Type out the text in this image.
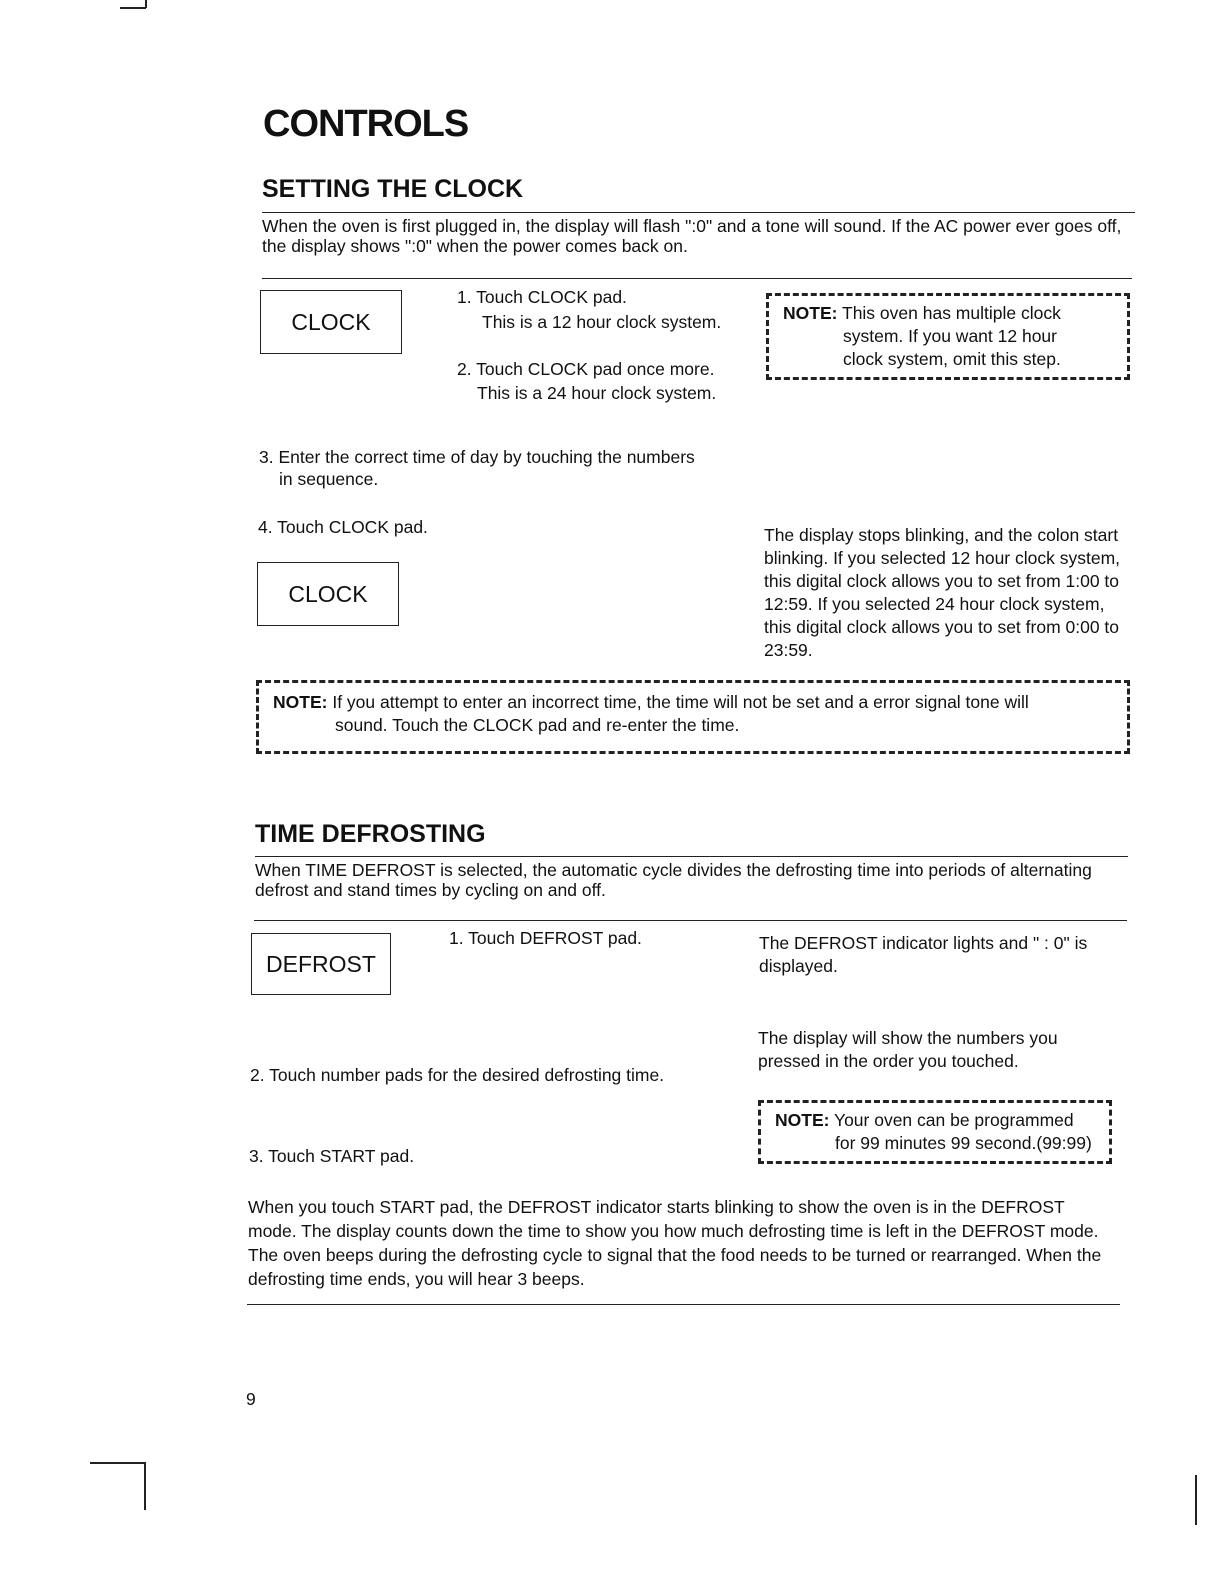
CONTROLS
SETTING THE CLOCK
When the oven is first plugged in, the display will flash ":0" and a tone will sound. If the AC power ever goes off, the display shows ":0" when the power comes back on.
CLOCK
1. Touch CLOCK pad.
This is a 12 hour clock system.
2. Touch CLOCK pad once more.
This is a 24 hour clock system.
NOTE: This oven has multiple clock
system. If you want 12 hour
clock system, omit this step.
3. Enter the correct time of day by touching the numbers
in sequence.
4. Touch CLOCK pad.
CLOCK
The display stops blinking, and the colon start blinking. If you selected 12 hour clock system, this digital clock allows you to set from 1:00 to 12:59. If you selected 24 hour clock system, this digital clock allows you to set from 0:00 to 23:59.
NOTE: If you attempt to enter an incorrect time, the time will not be set and a error signal tone will
sound. Touch the CLOCK pad and re-enter the time.
TIME DEFROSTING
When TIME DEFROST is selected, the automatic cycle divides the defrosting time into periods of alternating defrost and stand times by cycling on and off.
DEFROST
1. Touch DEFROST pad.	The DEFROST indicator lights and " : 0" is displayed.
The display will show the numbers you pressed in the order you touched.
2. Touch number pads for the desired defrosting time.
NOTE: Your oven can be programmed
for 99 minutes 99 second.(99:99)
3. Touch START pad.
When you touch START pad, the DEFROST indicator starts blinking to show the oven is in the DEFROST mode. The display counts down the time to show you how much defrosting time is left in the DEFROST mode. The oven beeps during the defrosting cycle to signal that the food needs to be turned or rearranged. When the defrosting time ends, you will hear 3 beeps.
9
